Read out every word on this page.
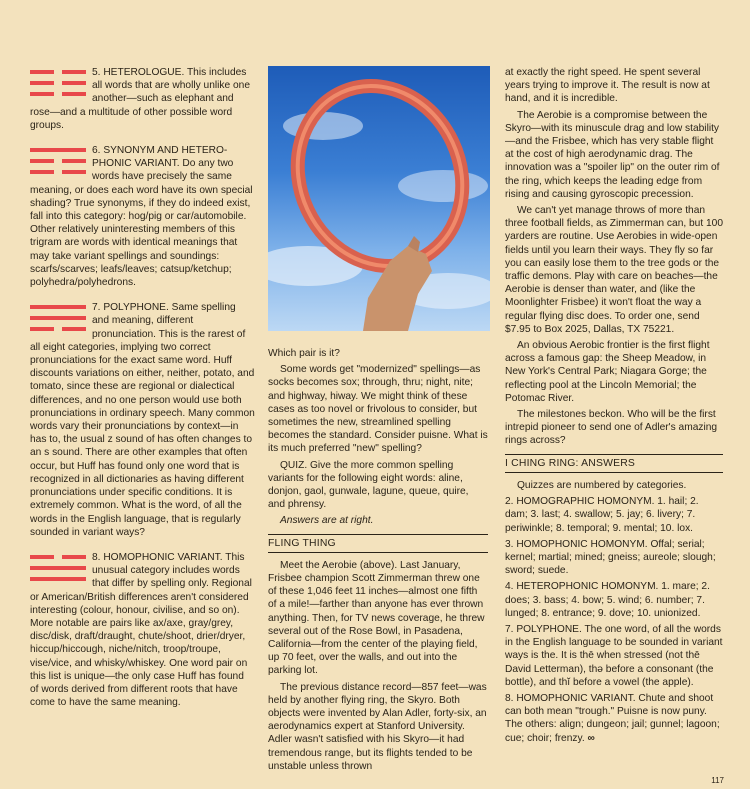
5. HETEROLOGUE. This includes all words that are wholly unlike one another—such as elephant and rose—and a multitude of other possible word groups.

6. SYNONYM AND HETERO-PHONIC VARIANT. Do any two words have precisely the same meaning, or does each word have its own special shading? True synonyms, if they do indeed exist, fall into this category: hog/pig or car/automobile. Other relatively uninteresting members of this trigram are words with identical meanings that may take variant spellings and soundings: scarfs/scarves; leafs/leaves; catsup/ketchup; polyhedra/polyhedrons.

7. POLYPHONE. Same spelling and meaning, different pronunciation. This is the rarest of all eight categories, implying two correct pronunciations for the exact same word. Huff discounts variations on either, neither, potato, and tomato, since these are regional or dialectical differences, and no one person would use both pronunciations in ordinary speech. Many common words vary their pronunciations by context—in has to, the usual z sound of has often changes to an s sound. There are other examples that often occur, but Huff has found only one word that is recognized in all dictionaries as having different pronunciations under specific conditions. It is extremely common. What is the word, of all the words in the English language, that is regularly sounded in variant ways?

8. HOMOPHONIC VARIANT. This unusual category includes words that differ by spelling only. Regional or American/British differences aren't considered interesting (colour, honour, civilise, and so on). More notable are pairs like ax/axe, gray/grey, disc/disk, draft/draught, chute/shoot, drier/dryer, hiccup/hiccough, niche/nitch, troop/troupe, vise/vice, and whisky/whiskey. One word pair on this list is unique—the only case Huff has found of words derived from different roots that have come to have the same meaning.

Which pair is it?

Some words get "modernized" spellings—as socks becomes sox; through, thru; night, nite; and highway, hiway. We might think of these cases as too novel or frivolous to consider, but sometimes the new, streamlined spelling becomes the standard. Consider puisne. What is its much preferred "new" spelling?

QUIZ. Give the more common spelling variants for the following eight words: aline, donjon, gaol, gunwale, lagune, queue, quire, and phrensy.

Answers are at right.

FLING THING

Meet the Aerobie (above). Last January, Frisbee champion Scott Zimmerman threw one of these 1,046 feet 11 inches—almost one fifth of a mile!—farther than anyone has ever thrown anything. Then, for TV news coverage, he threw several out of the Rose Bowl, in Pasadena, California—from the center of the playing field, up 70 feet, over the walls, and out into the parking lot.

The previous distance record—857 feet—was held by another flying ring, the Skyro. Both objects were invented by Alan Adler, forty-six, an aerodynamics expert at Stanford University. Adler wasn't satisfied with his Skyro—it had tremendous range, but its flights tended to be unstable unless thrown

at exactly the right speed. He spent several years trying to improve it. The result is now at hand, and it is incredible.

The Aerobie is a compromise between the Skyro—with its minuscule drag and low stability—and the Frisbee, which has very stable flight at the cost of high aerodynamic drag. The innovation was a "spoiler lip" on the outer rim of the ring, which keeps the leading edge from rising and causing gyroscopic precession.

We can't yet manage throws of more than three football fields, as Zimmerman can, but 100 yarders are routine. Use Aerobies in wide-open fields until you learn their ways. They fly so far you can easily lose them to the tree gods or the traffic demons. Play with care on beaches—the Aerobie is denser than water, and (like the Moonlighter Frisbee) it won't float the way a regular flying disc does. To order one, send $7.95 to Box 2025, Dallas, TX 75221.

An obvious Aerobic frontier is the first flight across a famous gap: the Sheep Meadow, in New York's Central Park; Niagara Gorge; the reflecting pool at the Lincoln Memorial; the Potomac River.

The milestones beckon. Who will be the first intrepid pioneer to send one of Adler's amazing rings across?

I CHING RING: ANSWERS

Quizzes are numbered by categories.

2. HOMOGRAPHIC HOMONYM. 1. hail; 2. dam; 3. last; 4. swallow; 5. jay; 6. livery; 7. periwinkle; 8. temporal; 9. mental; 10. lox.

3. HOMOPHONIC HOMONYM. Offal; serial; kernel; martial; mined; gneiss; aureole; slough; sword; suede.

4. HETEROPHONIC HOMONYM. 1. mare; 2. does; 3. bass; 4. bow; 5. wind; 6. number; 7. lunged; 8. entrance; 9. dove; 10. unionized.

7. POLYPHONE. The one word, of all the words in the English language to be sounded in variant ways is the. It is thē when stressed (not thē David Letterman), thə before a consonant (the bottle), and thĭ before a vowel (the apple).

8. HOMOPHONIC VARIANT. Chute and shoot can both mean "trough." Puisne is now puny. The others: align; dungeon; jail; gunnel; lagoon; cue; choir; frenzy. ∞

117
